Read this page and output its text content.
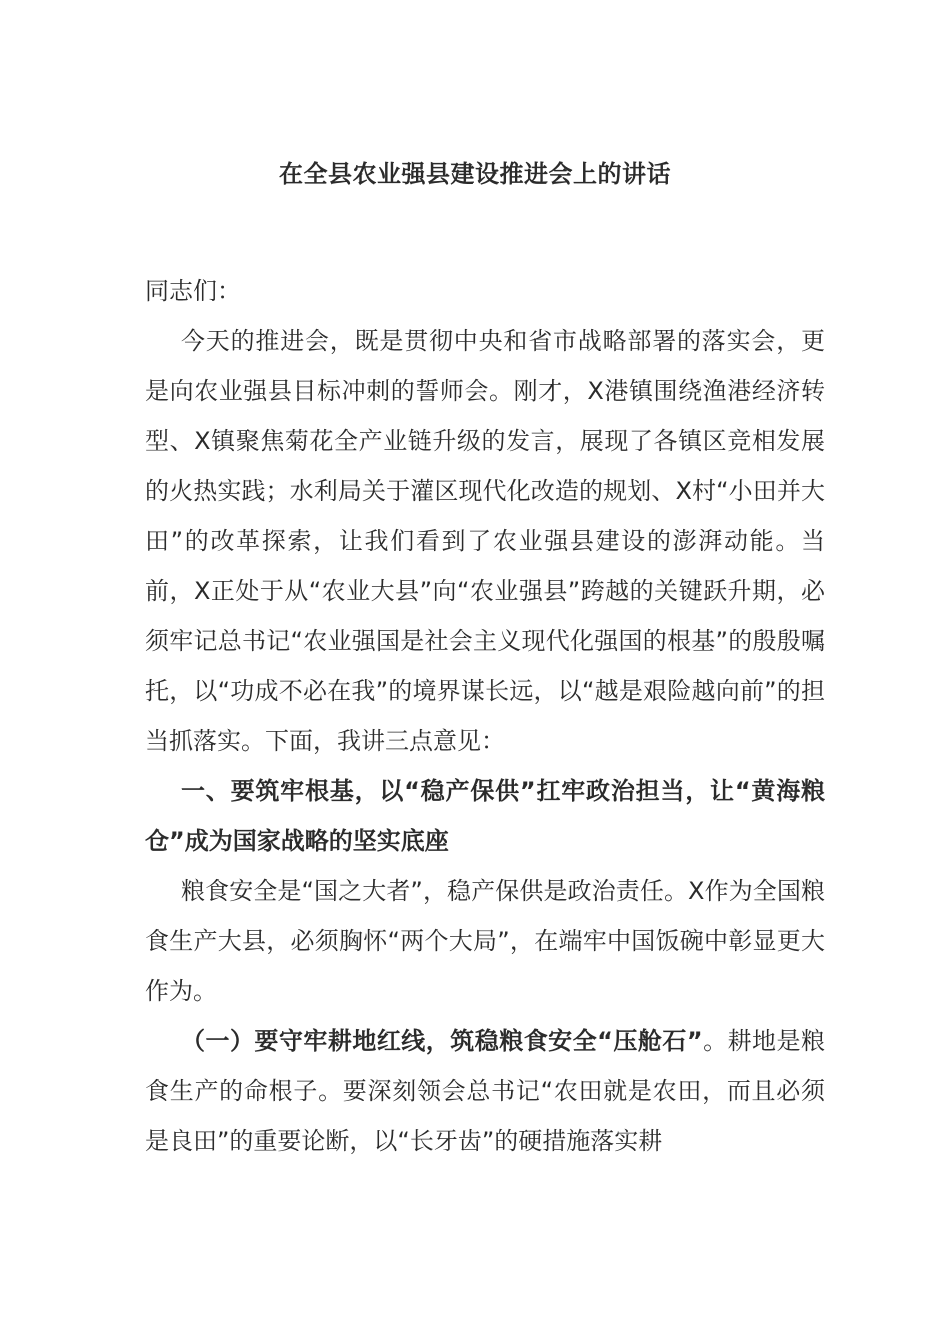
在全县农业强县建设推进会上的讲话

同志们：

今天的推进会，既是贯彻中央和省市战略部署的落实会，更是向农业强县目标冲刺的誓师会。刚才，X港镇围绕渔港经济转型、X镇聚焦菊花全产业链升级的发言，展现了各镇区竞相发展的火热实践；水利局关于灌区现代化改造的规划、X村“小田并大田”的改革探索，让我们看到了农业强县建设的澎湃动能。当前，X正处于从“农业大县”向“农业强县”跨越的关键跃升期，必须牢记总书记“农业强国是社会主义现代化强国的根基”的殷殷嘱托，以“功成不必在我”的境界谋长远，以“越是艰险越向前”的担当抓落实。下面，我讲三点意见：

一、要筑牢根基，以“稳产保供”扛牢政治担当，让“黄海粮仓”成为国家战略的坚实底座

粮食安全是“国之大者”，稳产保供是政治责任。X作为全国粮食生产大县，必须胸怀“两个大局”，在端牢中国饭碗中彰显更大作为。

（一）要守牢耕地红线，筑稳粮食安全“压舱石”。耕地是粮食生产的命根子。要深刻领会总书记“农田就是农田，而且必须是良田”的重要论断，以“长牙齿”的硬措施落实耕
